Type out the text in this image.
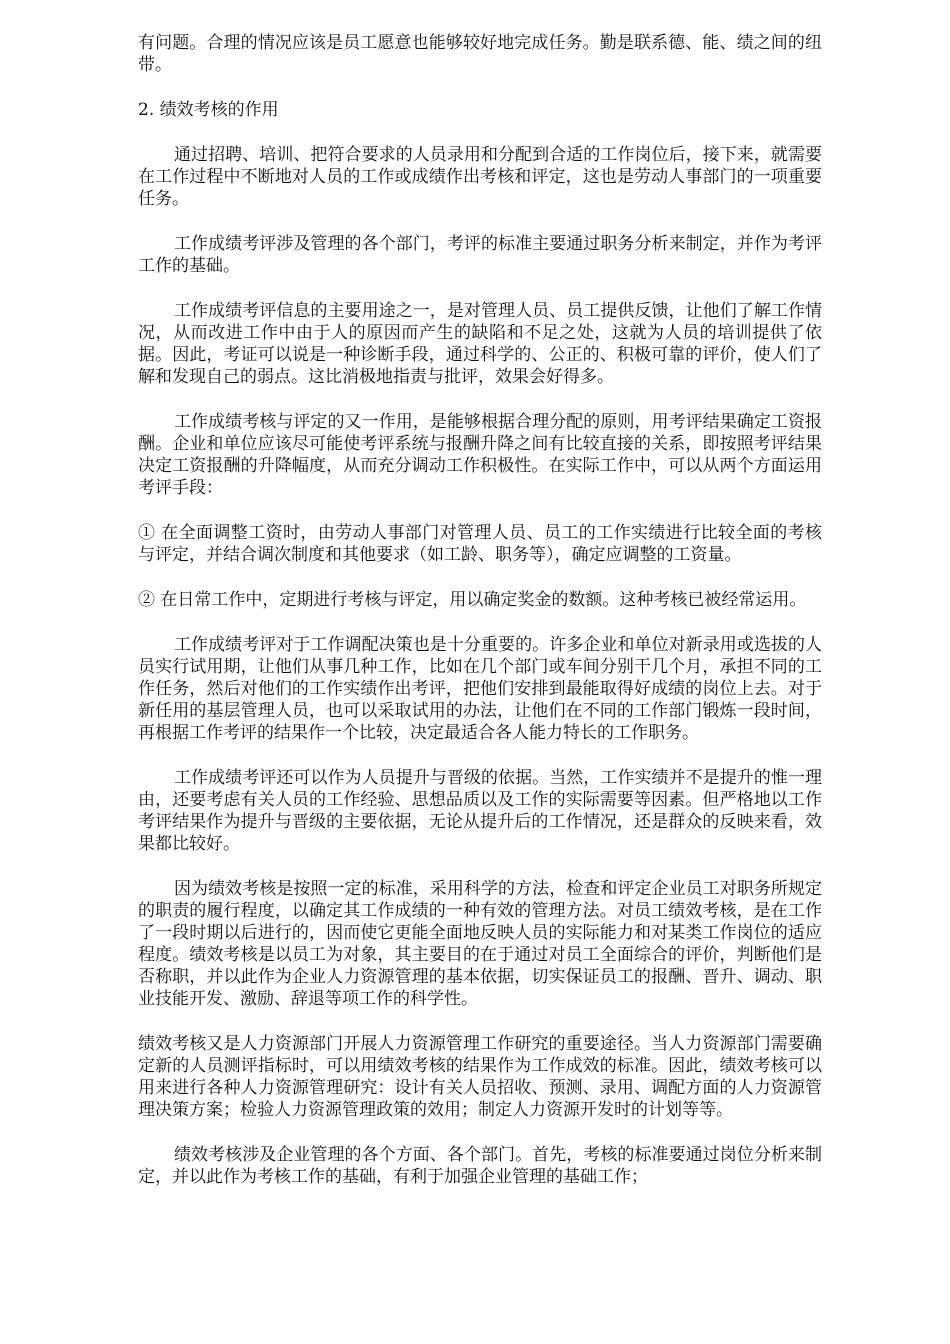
有问题。合理的情况应该是员工愿意也能够较好地完成任务。勤是联系德、能、绩之间的纽带。

2. 绩效考核的作用

通过招聘、培训、把符合要求的人员录用和分配到合适的工作岗位后，接下来，就需要在工作过程中不断地对人员的工作或成绩作出考核和评定，这也是劳动人事部门的一项重要任务。

工作成绩考评涉及管理的各个部门，考评的标准主要通过职务分析来制定，并作为考评工作的基础。

工作成绩考评信息的主要用途之一，是对管理人员、员工提供反馈，让他们了解工作情况，从而改进工作中由于人的原因而产生的缺陷和不足之处，这就为人员的培训提供了依据。因此，考证可以说是一种诊断手段，通过科学的、公正的、积极可靠的评价，使人们了解和发现自己的弱点。这比消极地指责与批评，效果会好得多。

工作成绩考核与评定的又一作用，是能够根据合理分配的原则，用考评结果确定工资报酬。企业和单位应该尽可能使考评系统与报酬升降之间有比较直接的关系，即按照考评结果决定工资报酬的升降幅度，从而充分调动工作积极性。在实际工作中，可以从两个方面运用考评手段：

① 在全面调整工资时，由劳动人事部门对管理人员、员工的工作实绩进行比较全面的考核与评定，并结合调次制度和其他要求（如工龄、职务等），确定应调整的工资量。

② 在日常工作中，定期进行考核与评定，用以确定奖金的数额。这种考核已被经常运用。

工作成绩考评对于工作调配决策也是十分重要的。许多企业和单位对新录用或选拔的人员实行试用期，让他们从事几种工作，比如在几个部门或车间分别干几个月，承担不同的工作任务，然后对他们的工作实绩作出考评，把他们安排到最能取得好成绩的岗位上去。对于新任用的基层管理人员，也可以采取试用的办法，让他们在不同的工作部门锻炼一段时间，再根据工作考评的结果作一个比较，决定最适合各人能力特长的工作职务。

工作成绩考评还可以作为人员提升与晋级的依据。当然，工作实绩并不是提升的惟一理由，还要考虑有关人员的工作经验、思想品质以及工作的实际需要等因素。但严格地以工作考评结果作为提升与晋级的主要依据，无论从提升后的工作情况，还是群众的反映来看，效果都比较好。

因为绩效考核是按照一定的标准，采用科学的方法，检查和评定企业员工对职务所规定的职责的履行程度，以确定其工作成绩的一种有效的管理方法。对员工绩效考核，是在工作了一段时期以后进行的，因而使它更能全面地反映人员的实际能力和对某类工作岗位的适应程度。绩效考核是以员工为对象，其主要目的在于通过对员工全面综合的评价，判断他们是否称职，并以此作为企业人力资源管理的基本依据，切实保证员工的报酬、晋升、调动、职业技能开发、激励、辞退等项工作的科学性。

绩效考核又是人力资源部门开展人力资源管理工作研究的重要途径。当人力资源部门需要确定新的人员测评指标时，可以用绩效考核的结果作为工作成效的标准。因此，绩效考核可以用来进行各种人力资源管理研究：设计有关人员招收、预测、录用、调配方面的人力资源管理决策方案；检验人力资源管理政策的效用；制定人力资源开发时的计划等等。

绩效考核涉及企业管理的各个方面、各个部门。首先，考核的标准要通过岗位分析来制定，并以此作为考核工作的基础，有利于加强企业管理的基础工作；
